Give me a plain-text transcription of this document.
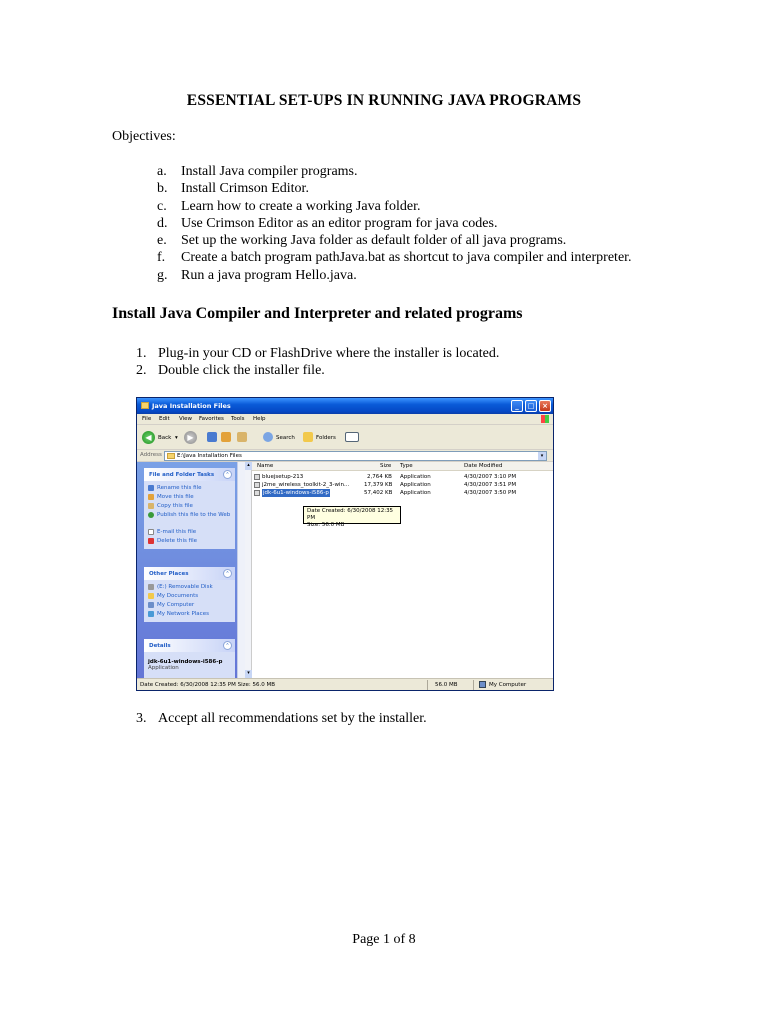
ESSENTIAL SET-UPS IN RUNNING JAVA PROGRAMS
Objectives:
a. Install Java compiler programs.
b. Install Crimson Editor.
c. Learn how to create a working Java folder.
d. Use Crimson Editor as an editor program for java codes.
e. Set up the working Java folder as default folder of all java programs.
f. Create a batch program pathJava.bat as shortcut to java compiler and interpreter.
g. Run a java program Hello.java.
Install Java Compiler and Interpreter and related programs
1. Plug-in your CD or FlashDrive where the installer is located.
2. Double click the installer file.
Java Installation Files	_	□	×
File Edit View Favorites Tools Help
◀	Back ▾	▶	Search	Folders
Address	E:\Java Installation Files	▾
File and Folder Tasks	⌃
Rename this file
Move this file
Copy this file
Publish this file to the Web
E-mail this file
Delete this file
Other Places	⌃
(E:) Removable Disk
My Documents
My Computer
My Network Places
Details	⌃
jdk-6u1-windows-i586-p
Application
▴
▾
Name	Size Type	Date Modified
bluejsetup-213	2,764 KB Application	4/30/2007 3:10 PM
j2me_wireless_toolkit-2_3-win...	17,379 KB Application	4/30/2007 3:51 PM
jdk-6u1-windows-i586-p	57,402 KB Application	4/30/2007 3:50 PM
Date Created: 6/30/2008 12:35 PM
Size: 56.0 MB
Date Created: 6/30/2008 12:35 PM Size: 56.0 MB	56.0 MB	My Computer
3. Accept all recommendations set by the installer.
Page 1 of 8
